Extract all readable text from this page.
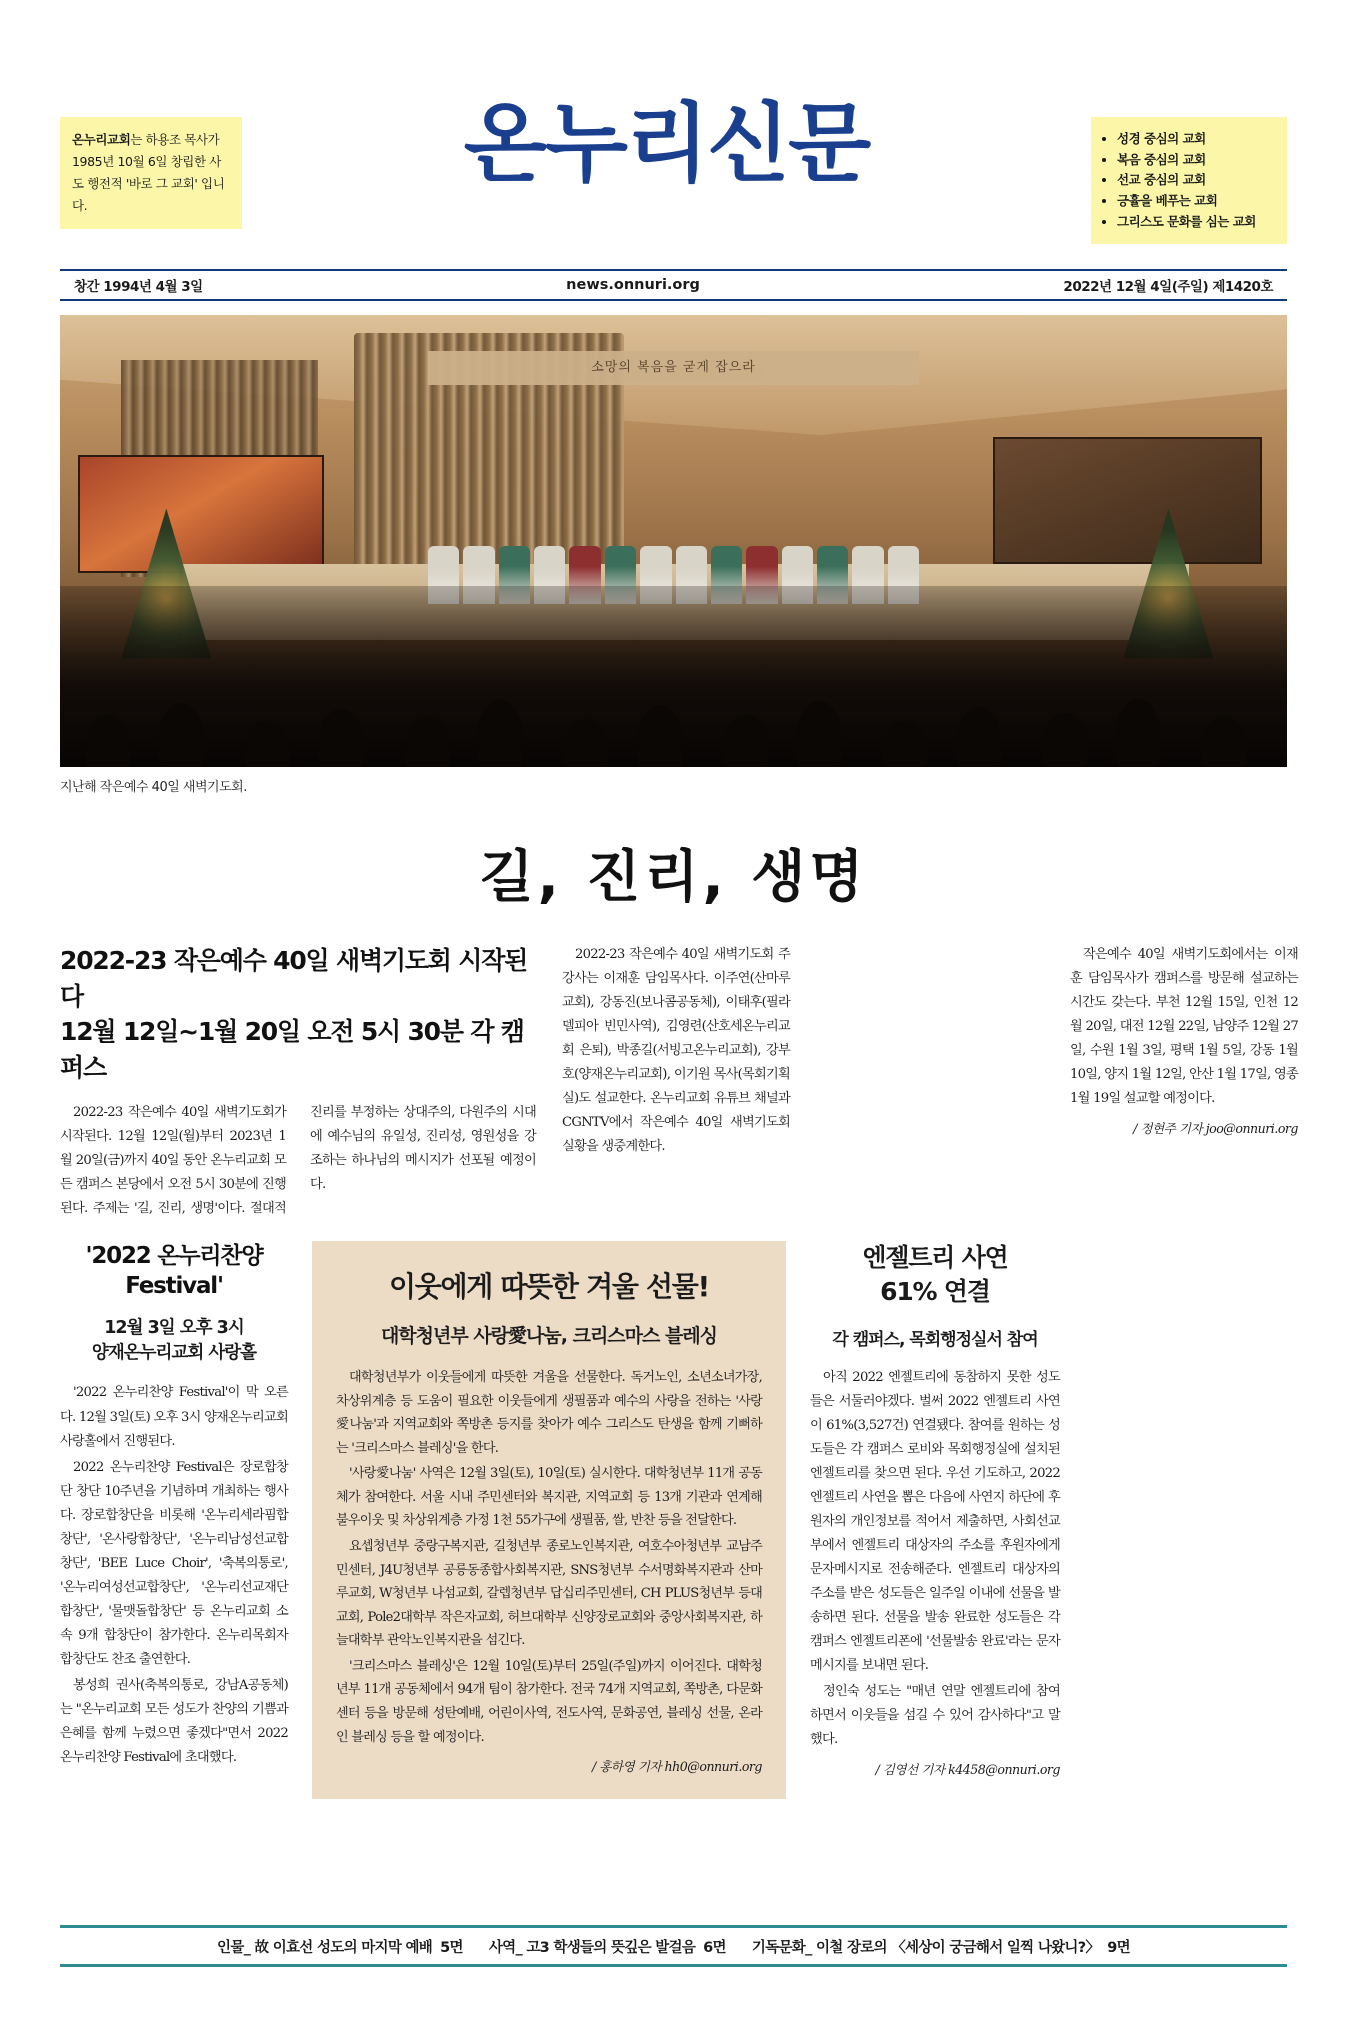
온누리교회는 하용조 목사가 1985년 10월 6일 창립한 사도 행전적 '바로 그 교회' 입니다.
온누리신문	• 성경 중심의 교회
• 복음 중심의 교회
• 선교 중심의 교회
• 긍휼을 베푸는 교회
• 그리스도 문화를 심는 교회
창간 1994년 4월 3일	news.onnuri.org	2022년 12월 4일(주일) 제1420호
소망의 복음을 굳게 잡으라
지난해 작은예수 40일 새벽기도회.
길, 진리, 생명
2022-23 작은예수 40일 새벽기도회 시작된다
12월 12일~1월 20일 오전 5시 30분 각 캠퍼스

2022-23 작은예수 40일 새벽기도회가 시작된다. 12월 12일(월)부터 2023년 1월 20일(금)까지 40일 동안 온누리교회 모든 캠퍼스 본당에서 오전 5시 30분에 진행된다. 주제는 '길, 진리, 생명'이다. 절대적 진리를 부정하는 상대주의, 다원주의 시대에 예수님의 유일성, 진리성, 영원성을 강조하는 하나님의 메시지가 선포될 예정이다.

2022-23 작은예수 40일 새벽기도회 주강사는 이재훈 담임목사다. 이주연(산마루교회), 강동진(보나콤공동체), 이태후(필라델피아 빈민사역), 김영련(산호세온누리교회 은퇴), 박종길(서빙고온누리교회), 강부호(양재온누리교회), 이기원 목사(목회기획실)도 설교한다. 온누리교회 유튜브 채널과 CGNTV에서 작은예수 40일 새벽기도회 실황을 생중계한다.

작은예수 40일 새벽기도회에서는 이재훈 담임목사가 캠퍼스를 방문해 설교하는 시간도 갖는다. 부천 12월 15일, 인천 12월 20일, 대전 12월 22일, 남양주 12월 27일, 수원 1월 3일, 평택 1월 5일, 강동 1월 10일, 양지 1월 12일, 안산 1월 17일, 영종 1월 19일 설교할 예정이다.

/ 정현주 기자 joo@onnuri.org
'2022 온누리찬양
Festival'
12월 3일 오후 3시
양재온누리교회 사랑홀

'2022 온누리찬양 Festival'이 막 오른다. 12월 3일(토) 오후 3시 양재온누리교회 사랑홀에서 진행된다.

2022 온누리찬양 Festival은 장로합창단 창단 10주년을 기념하며 개최하는 행사다. 장로합창단을 비롯해 '온누리세라핌합창단', '온사랑합창단', '온누리남성선교합창단', 'BEE Luce Choir', '축복의통로', '온누리여성선교합창단', '온누리선교재단합창단', '물맷돌합창단' 등 온누리교회 소속 9개 합창단이 참가한다. 온누리목회자합창단도 찬조 출연한다.

봉성희 권사(축복의통로, 강남A공동체)는 "온누리교회 모든 성도가 찬양의 기쁨과 은혜를 함께 누렸으면 좋겠다"면서 2022 온누리찬양 Festival에 초대했다.

이웃에게 따뜻한 겨울 선물!
대학청년부 사랑愛나눔, 크리스마스 블레싱

대학청년부가 이웃들에게 따뜻한 겨울을 선물한다. 독거노인, 소년소녀가장, 차상위계층 등 도움이 필요한 이웃들에게 생필품과 예수의 사랑을 전하는 '사랑愛나눔'과 지역교회와 쪽방촌 등지를 찾아가 예수 그리스도 탄생을 함께 기뻐하는 '크리스마스 블레싱'을 한다.

'사랑愛나눔' 사역은 12월 3일(토), 10일(토) 실시한다. 대학청년부 11개 공동체가 참여한다. 서울 시내 주민센터와 복지관, 지역교회 등 13개 기관과 연계해 불우이웃 및 차상위계층 가정 1천 55가구에 생필품, 쌀, 반찬 등을 전달한다.

요셉청년부 중랑구복지관, 길청년부 종로노인복지관, 여호수아청년부 교남주민센터, J4U청년부 공릉동종합사회복지관, SNS청년부 수서명화복지관과 산마루교회, W청년부 나섬교회, 갈렙청년부 답십리주민센터, CH PLUS청년부 등대교회, Pole2대학부 작은자교회, 허브대학부 신양장로교회와 중앙사회복지관, 하늘대학부 관악노인복지관을 섬긴다.

'크리스마스 블레싱'은 12월 10일(토)부터 25일(주일)까지 이어진다. 대학청년부 11개 공동체에서 94개 팀이 참가한다. 전국 74개 지역교회, 쪽방촌, 다문화센터 등을 방문해 성탄예배, 어린이사역, 전도사역, 문화공연, 블레싱 선물, 온라인 블레싱 등을 할 예정이다.

/ 홍하영 기자 hh0@onnuri.org
엔젤트리 사연
61% 연결
각 캠퍼스, 목회행정실서 참여

아직 2022 엔젤트리에 동참하지 못한 성도들은 서둘러야겠다. 벌써 2022 엔젤트리 사연이 61%(3,527건) 연결됐다. 참여를 원하는 성도들은 각 캠퍼스 로비와 목회행정실에 설치된 엔젤트리를 찾으면 된다. 우선 기도하고, 2022 엔젤트리 사연을 뽑은 다음에 사연지 하단에 후원자의 개인정보를 적어서 제출하면, 사회선교부에서 엔젤트리 대상자의 주소를 후원자에게 문자메시지로 전송해준다. 엔젤트리 대상자의 주소를 받은 성도들은 일주일 이내에 선물을 발송하면 된다. 선물을 발송 완료한 성도들은 각 캠퍼스 엔젤트리폰에 '선물발송 완료'라는 문자메시지를 보내면 된다.

정인숙 성도는 "매년 연말 엔젤트리에 참여하면서 이웃들을 섬길 수 있어 감사하다"고 말했다.

/ 김영선 기자 k4458@onnuri.org
인물_ 故 이효선 성도의 마지막 예배 5면 사역_ 고3 학생들의 뜻깊은 발걸음 6면 기독문화_ 이철 장로의 〈세상이 궁금해서 일찍 나왔니?〉 9면
